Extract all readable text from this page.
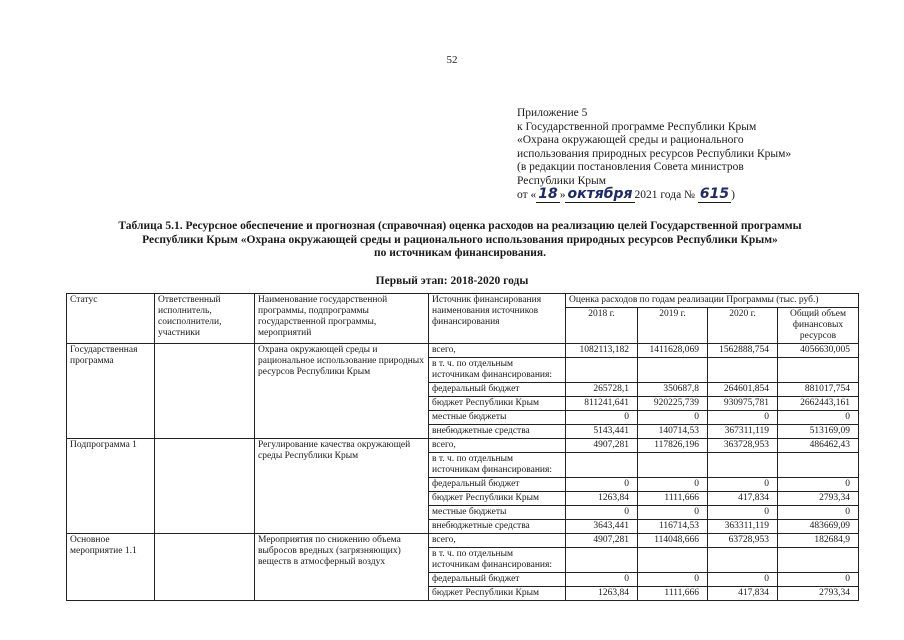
52
Приложение 5
к Государственной программе Республики Крым
«Охрана окружающей среды и рационального
использования природных ресурсов Республики Крым»
(в редакции постановления Совета министров
Республики Крым
от « 18 » октября 2021 года № 615 )
Таблица 5.1. Ресурсное обеспечение и прогнозная (справочная) оценка расходов на реализацию целей Государственной программы
Республики Крым «Охрана окружающей среды и рационального использования природных ресурсов Республики Крым»
по источникам финансирования.
Первый этап: 2018-2020 годы
Статус	Ответственный исполнитель, соисполнители, участники	Наименование государственной программы, подпрограммы государственной программы, мероприятий	Источник финансирования наименования источников финансирования	Оценка расходов по годам реализации Программы (тыс. руб.)			
				2018 г.	2019 г.	2020 г.	Общий объем финансовых ресурсов
Государственная программа		Охрана окружающей среды и рациональное использование природных ресурсов Республики Крым	всего,	1082113,182	1411628,069	1562888,754	4056630,005
			в т. ч. по отдельным источникам финансирования:				
			федеральный бюджет	265728,1	350687,8	264601,854	881017,754
			бюджет Республики Крым	811241,641	920225,739	930975,781	2662443,161
			местные бюджеты	0	0	0	0
			внебюджетные средства	5143,441	140714,53	367311,119	513169,09
Подпрограмма 1		Регулирование качества окружающей среды Республики Крым	всего,	4907,281	117826,196	363728,953	486462,43
			в т. ч. по отдельным источникам финансирования:				
			федеральный бюджет	0	0	0	0
			бюджет Республики Крым	1263,84	1111,666	417,834	2793,34
			местные бюджеты	0	0	0	0
			внебюджетные средства	3643,441	116714,53	363311,119	483669,09
Основное мероприятие 1.1		Мероприятия по снижению объема выбросов вредных (загрязняющих) веществ в атмосферный воздух	всего,	4907,281	114048,666	63728,953	182684,9
			в т. ч. по отдельным источникам финансирования:				
			федеральный бюджет	0	0	0	0
			бюджет Республики Крым	1263,84	1111,666	417,834	2793,34
